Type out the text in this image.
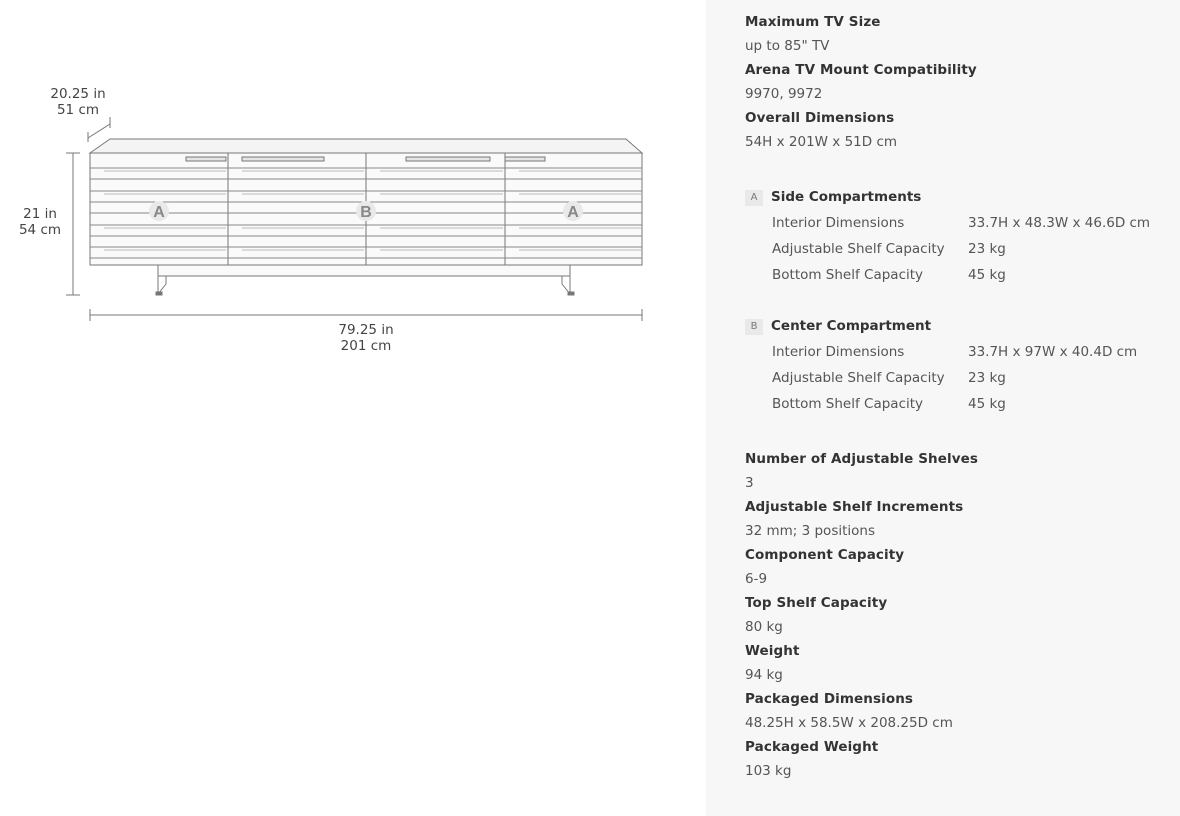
20.25 in
51 cm
21 in
54 cm
79.25 in
201 cm
A	B	A
Maximum TV Size
up to 85" TV
Arena TV Mount Compatibility
9970, 9972
Overall Dimensions
54H x 201W x 51D cm
A Side Compartments
Interior Dimensions	33.7H x 48.3W x 46.6D cm
Adjustable Shelf Capacity 23 kg
Bottom Shelf Capacity	45 kg
B Center Compartment
Interior Dimensions	33.7H x 97W x 40.4D cm
Adjustable Shelf Capacity 23 kg
Bottom Shelf Capacity	45 kg
Number of Adjustable Shelves
3
Adjustable Shelf Increments
32 mm; 3 positions
Component Capacity
6-9
Top Shelf Capacity
80 kg
Weight
94 kg
Packaged Dimensions
48.25H x 58.5W x 208.25D cm
Packaged Weight
103 kg
